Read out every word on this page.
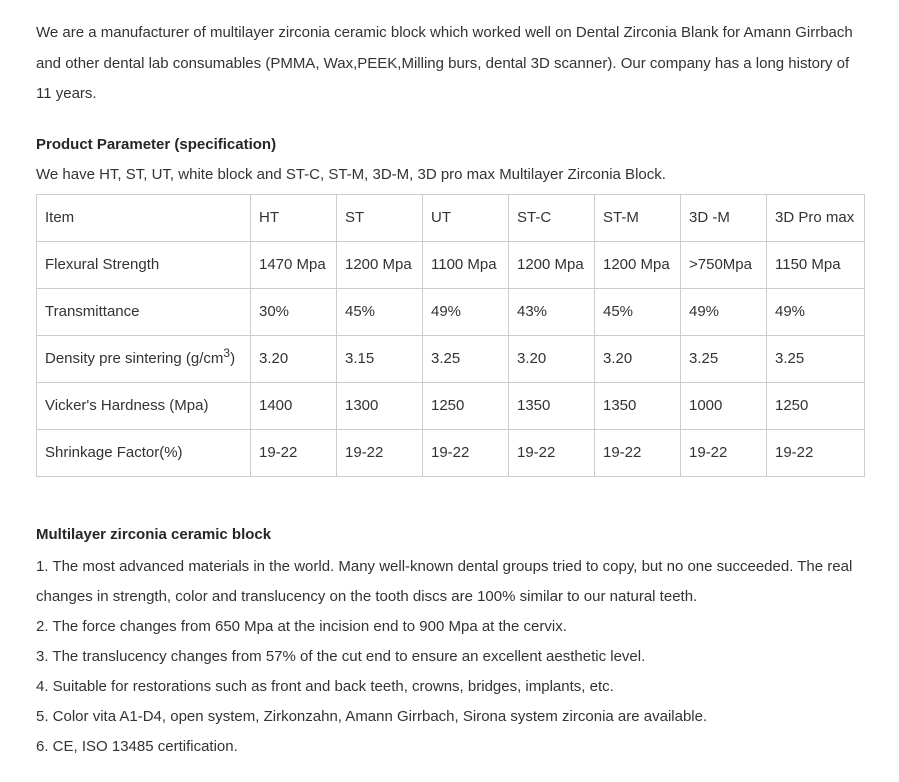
We are a manufacturer of multilayer zirconia ceramic block which worked well on Dental Zirconia Blank for Amann Girrbach and other dental lab consumables (PMMA, Wax,PEEK,Milling burs, dental 3D scanner). Our company has a long history of 11 years.

Product Parameter (specification)

We have HT, ST, UT, white block and ST-C, ST-M, 3D-M, 3D pro max Multilayer Zirconia Block.

Item	HT	ST	UT	ST-C	ST-M	3D -M	3D Pro max
Flexural Strength	1470 Mpa	1200 Mpa	1100 Mpa	1200 Mpa	1200 Mpa	>750Mpa	1150 Mpa
Transmittance	30%	45%	49%	43%	45%	49%	49%
Density pre sintering $(g/cm^3)$	3.20	3.15	3.25	3.20	3.20	3.25	3.25
Vicker's Hardness (Mpa)	1400	1300	1250	1350	1350	1000	1250
Shrinkage Factor(%)	19-22	19-22	19-22	19-22	19-22	19-22	19-22
Multilayer zirconia ceramic block

1. The most advanced materials in the world. Many well-known dental groups tried to copy, but no one succeeded. The real changes in strength, color and translucency on the tooth discs are 100% similar to our natural teeth.

2. The force changes from 650 Mpa at the incision end to 900 Mpa at the cervix.

3. The translucency changes from 57% of the cut end to ensure an excellent aesthetic level.

4. Suitable for restorations such as front and back teeth, crowns, bridges, implants, etc.

5. Color vita A1-D4, open system, Zirkonzahn, Amann Girrbach, Sirona system zirconia are available.

6. CE, ISO 13485 certification.
